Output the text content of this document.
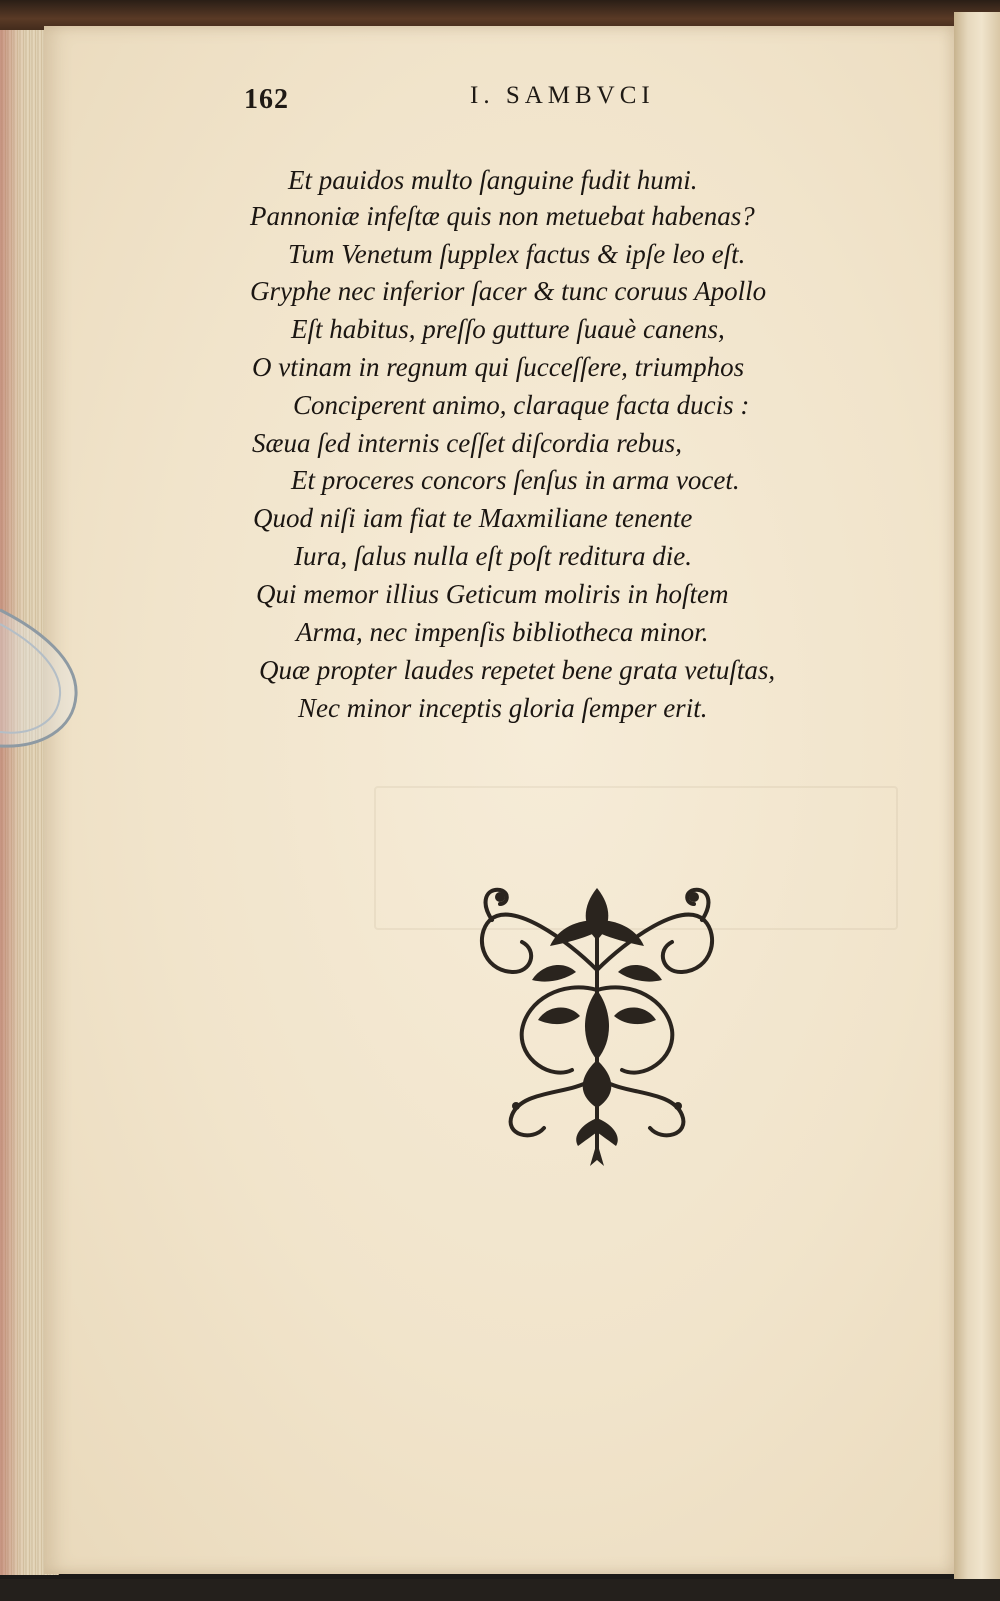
162	I. SAMBVCI
Et pauidos multo ſanguine fudit humi.
Pannoniæ infeſtæ quis non metuebat habenas?
Tum Venetum ſupplex factus & ipſe leo eſt.
Gryphe nec inferior ſacer & tunc coruus Apollo
Eſt habitus, preſſo gutture ſuauè canens,
O vtinam in regnum qui ſucceſſere, triumphos
Conciperent animo, claraque facta ducis :
Sæua ſed internis ceſſet diſcordia rebus,
Et proceres concors ſenſus in arma vocet.
Quod niſi iam fiat te Maxmiliane tenente
Iura, ſalus nulla eſt poſt reditura die.
Qui memor illius Geticum moliris in hoſtem
Arma, nec impenſis bibliotheca minor.
Quæ propter laudes repetet bene grata vetuſtas,
Nec minor inceptis gloria ſemper erit.
